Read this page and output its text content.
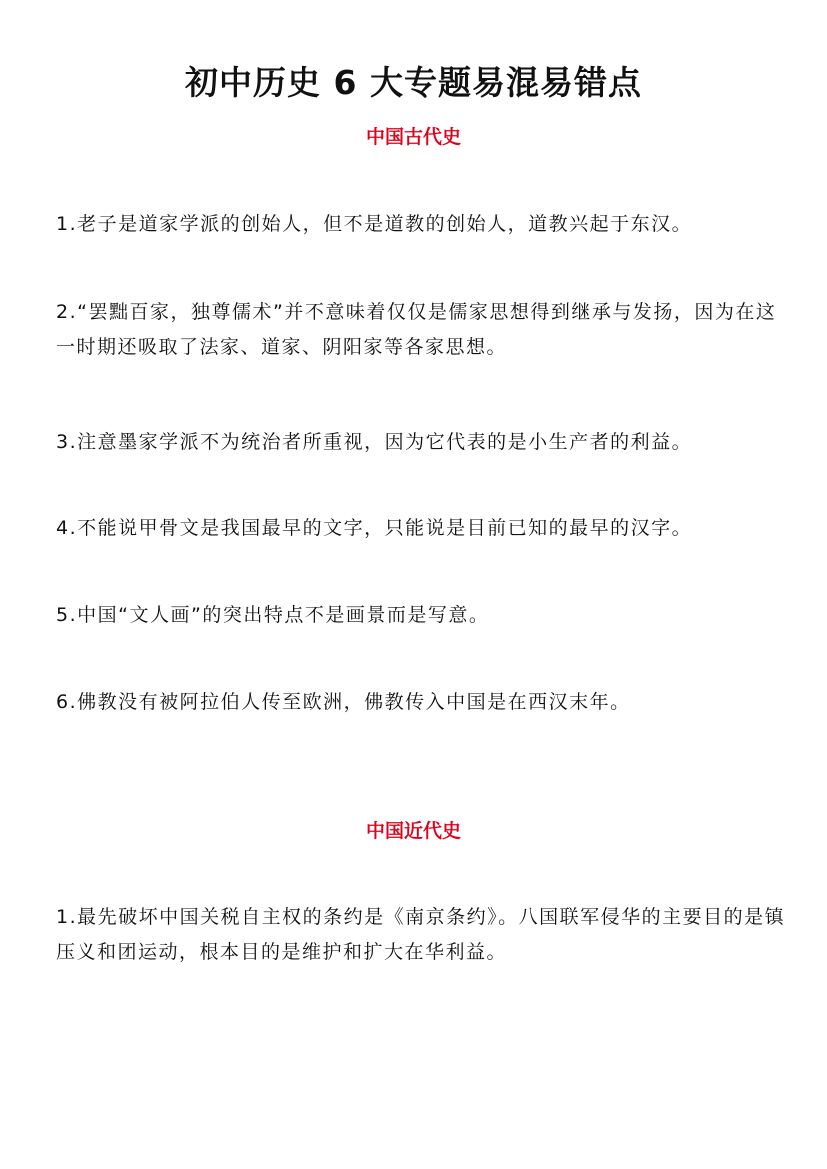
初中历史 6 大专题易混易错点
中国古代史

1.老子是道家学派的创始人，但不是道教的创始人，道教兴起于东汉。

2.“罢黜百家，独尊儒术”并不意味着仅仅是儒家思想得到继承与发扬，因为在这一时期还吸取了法家、道家、阴阳家等各家思想。

3.注意墨家学派不为统治者所重视，因为它代表的是小生产者的利益。

4.不能说甲骨文是我国最早的文字，只能说是目前已知的最早的汉字。

5.中国“文人画”的突出特点不是画景而是写意。

6.佛教没有被阿拉伯人传至欧洲，佛教传入中国是在西汉末年。

中国近代史

1.最先破坏中国关税自主权的条约是《南京条约》。八国联军侵华的主要目的是镇压义和团运动，根本目的是维护和扩大在华利益。
